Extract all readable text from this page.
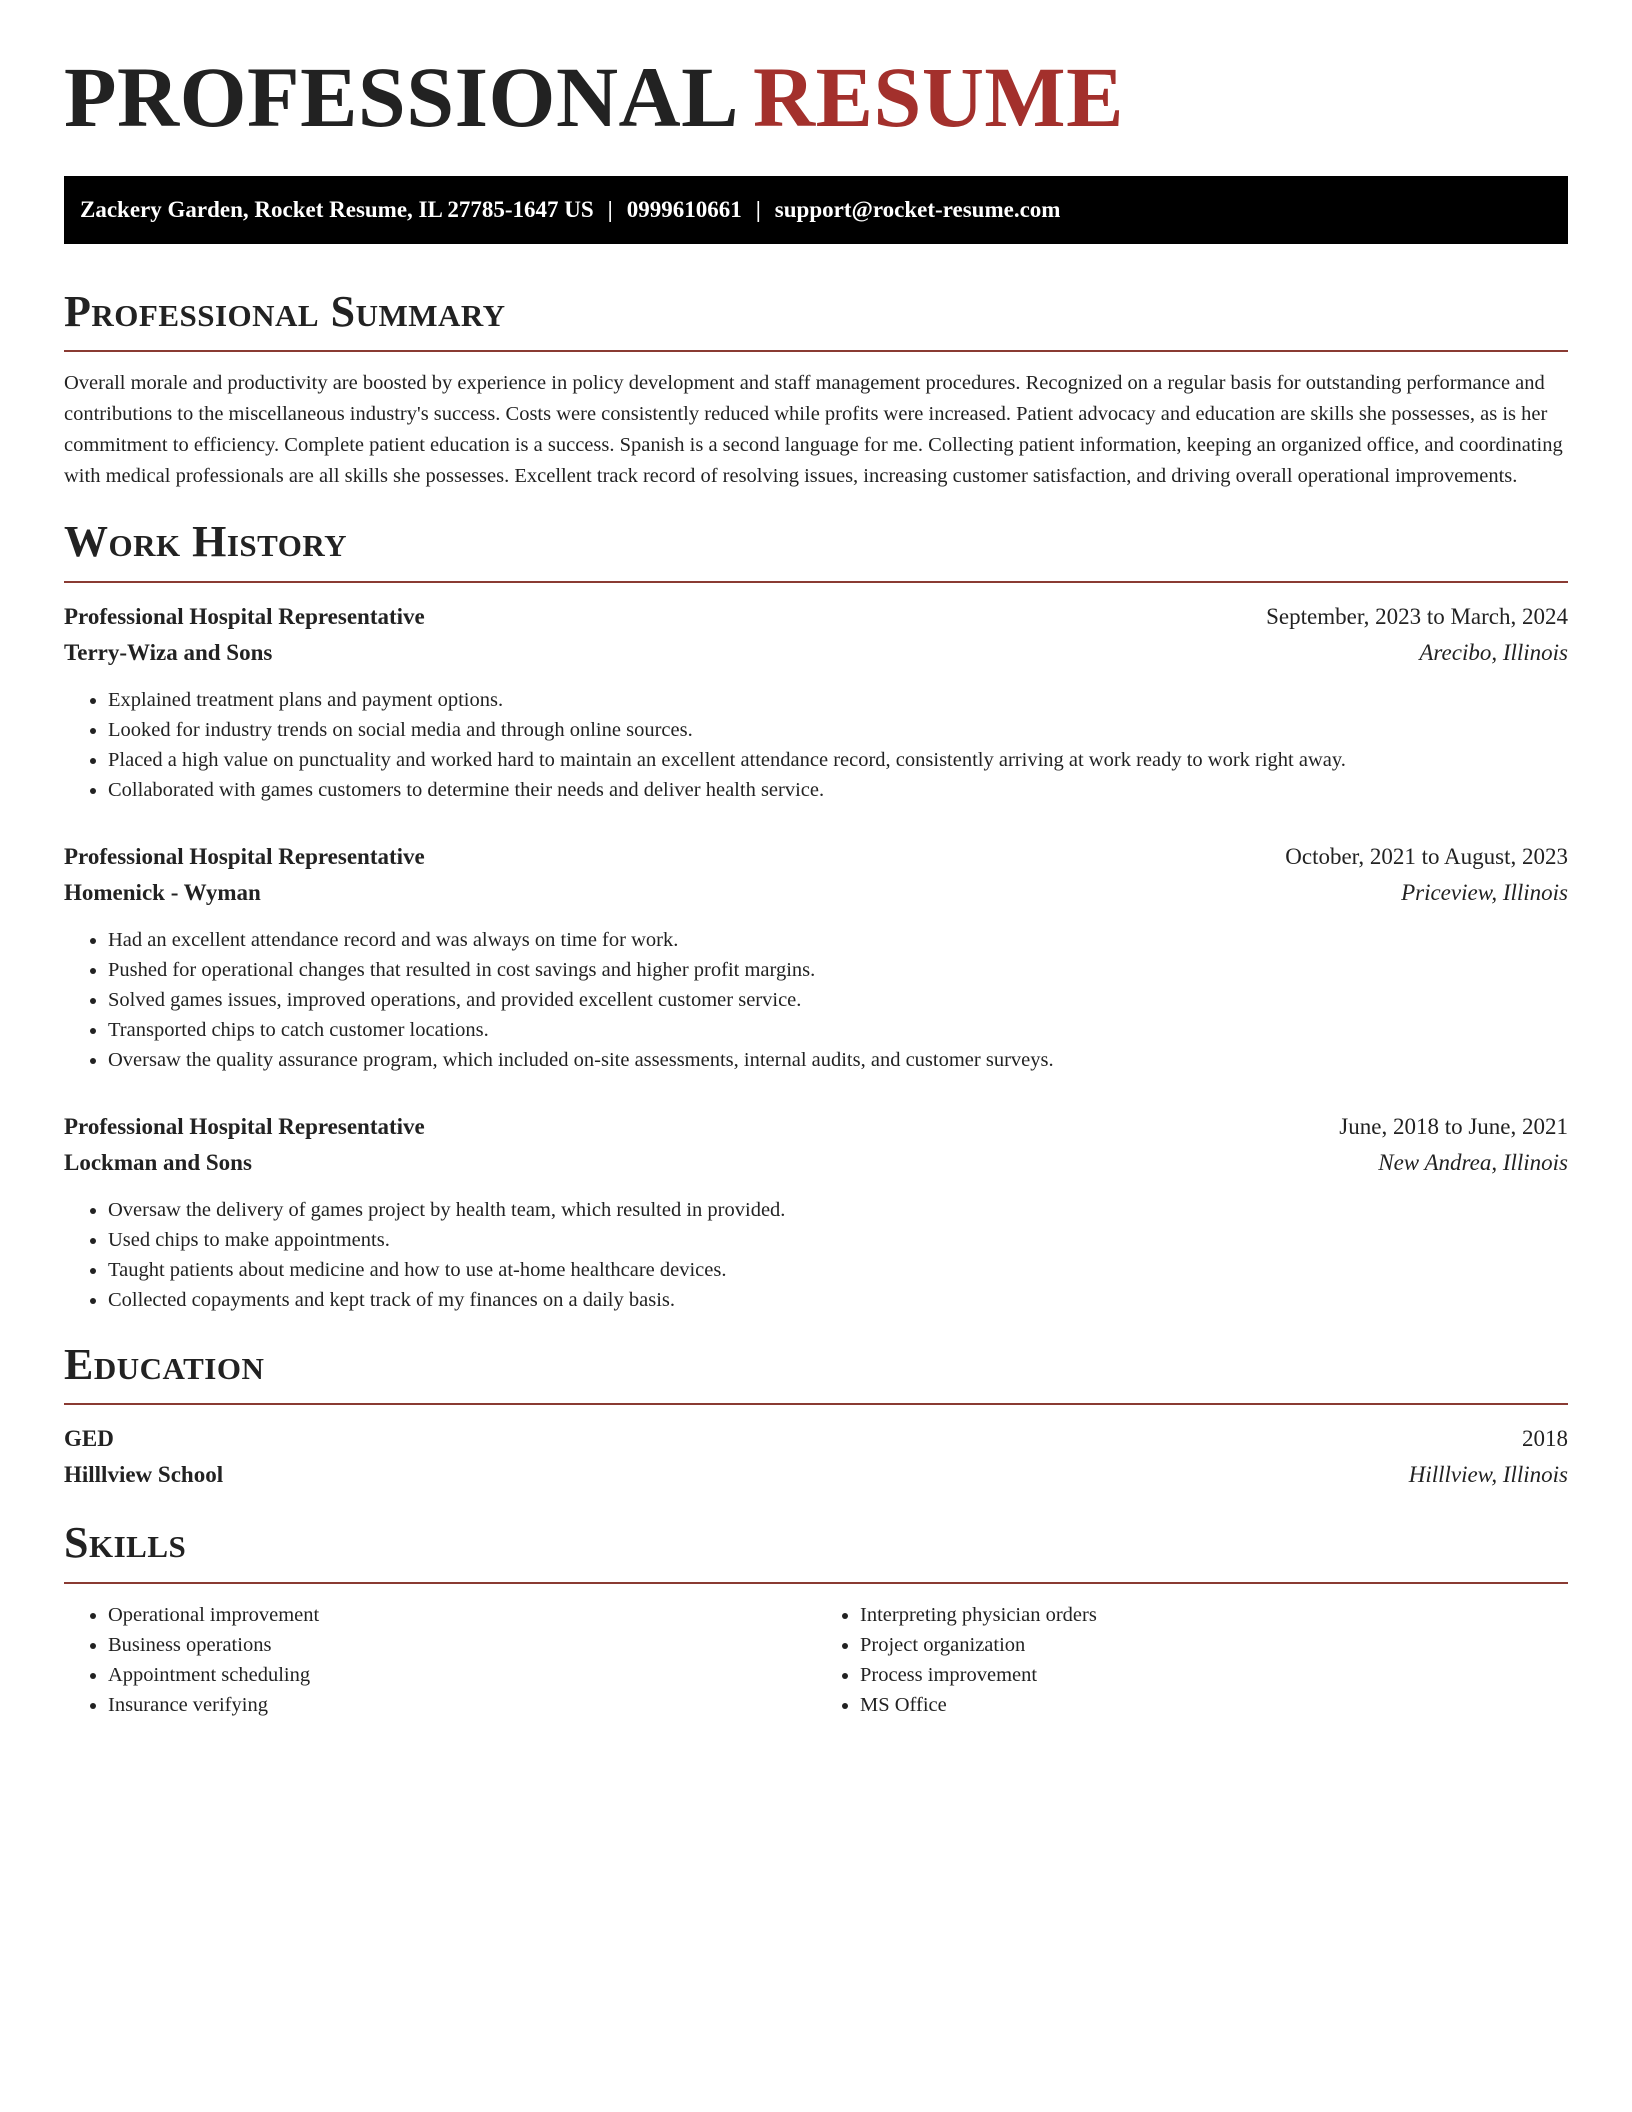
PROFESSIONAL RESUME
Zackery Garden, Rocket Resume, IL 27785-1647 US | 0999610661 | support@rocket-resume.com
Professional Summary

Overall morale and productivity are boosted by experience in policy development and staff management procedures. Recognized on a regular basis for outstanding performance and contributions to the miscellaneous industry's success. Costs were consistently reduced while profits were increased. Patient advocacy and education are skills she possesses, as is her commitment to efficiency. Complete patient education is a success. Spanish is a second language for me. Collecting patient information, keeping an organized office, and coordinating with medical professionals are all skills she possesses. Excellent track record of resolving issues, increasing customer satisfaction, and driving overall operational improvements.

Work History
Professional Hospital Representative	September, 2023 to March, 2024
Terry-Wiza and Sons	Arecibo, Illinois
• Explained treatment plans and payment options.
• Looked for industry trends on social media and through online sources.
• Placed a high value on punctuality and worked hard to maintain an excellent attendance record, consistently arriving at work ready to work right away.
• Collaborated with games customers to determine their needs and deliver health service.
Professional Hospital Representative	October, 2021 to August, 2023
Homenick - Wyman	Priceview, Illinois
• Had an excellent attendance record and was always on time for work.
• Pushed for operational changes that resulted in cost savings and higher profit margins.
• Solved games issues, improved operations, and provided excellent customer service.
• Transported chips to catch customer locations.
• Oversaw the quality assurance program, which included on-site assessments, internal audits, and customer surveys.
Professional Hospital Representative	June, 2018 to June, 2021
Lockman and Sons	New Andrea, Illinois
• Oversaw the delivery of games project by health team, which resulted in provided.
• Used chips to make appointments.
• Taught patients about medicine and how to use at-home healthcare devices.
• Collected copayments and kept track of my finances on a daily basis.
Education
GED	2018
Hilllview School	Hilllview, Illinois
Skills
• Operational improvement
• Business operations
• Appointment scheduling
• Insurance verifying
• Interpreting physician orders
• Project organization
• Process improvement
• MS Office
